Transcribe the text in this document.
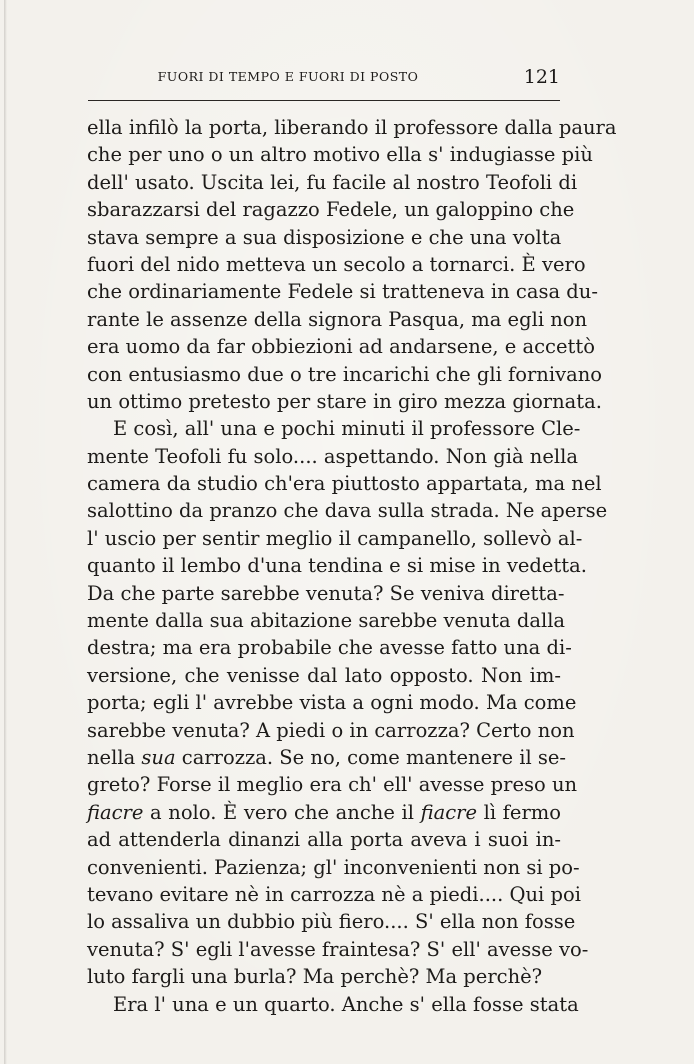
FUORI DI TEMPO E FUORI DI POSTO	121
ella infilò la porta, liberando il professore dalla paura
che per uno o un altro motivo ella s' indugiasse più
dell' usato. Uscita lei, fu facile al nostro Teofoli di
sbarazzarsi del ragazzo Fedele, un galoppino che
stava sempre a sua disposizione e che una volta
fuori del nido metteva un secolo a tornarci. È vero
che ordinariamente Fedele si tratteneva in casa du-
rante le assenze della signora Pasqua, ma egli non
era uomo da far obbiezioni ad andarsene, e accettò
con entusiasmo due o tre incarichi che gli fornivano
un ottimo pretesto per stare in giro mezza giornata.
E così, all' una e pochi minuti il professore Cle-
mente Teofoli fu solo.... aspettando. Non già nella
camera da studio ch'era piuttosto appartata, ma nel
salottino da pranzo che dava sulla strada. Ne aperse
l' uscio per sentir meglio il campanello, sollevò al-
quanto il lembo d'una tendina e si mise in vedetta.
Da che parte sarebbe venuta? Se veniva diretta-
mente dalla sua abitazione sarebbe venuta dalla
destra; ma era probabile che avesse fatto una di-
versione, che venisse dal lato opposto. Non im-
porta; egli l' avrebbe vista a ogni modo. Ma come
sarebbe venuta? A piedi o in carrozza? Certo non
nella sua carrozza. Se no, come mantenere il se-
greto? Forse il meglio era ch' ell' avesse preso un
fiacre a nolo. È vero che anche il fiacre lì fermo
ad attenderla dinanzi alla porta aveva i suoi in-
convenienti. Pazienza; gl' inconvenienti non si po-
tevano evitare nè in carrozza nè a piedi.... Qui poi
lo assaliva un dubbio più fiero.... S' ella non fosse
venuta? S' egli l'avesse fraintesa? S' ell' avesse vo-
luto fargli una burla? Ma perchè? Ma perchè?
Era l' una e un quarto. Anche s' ella fosse stata
